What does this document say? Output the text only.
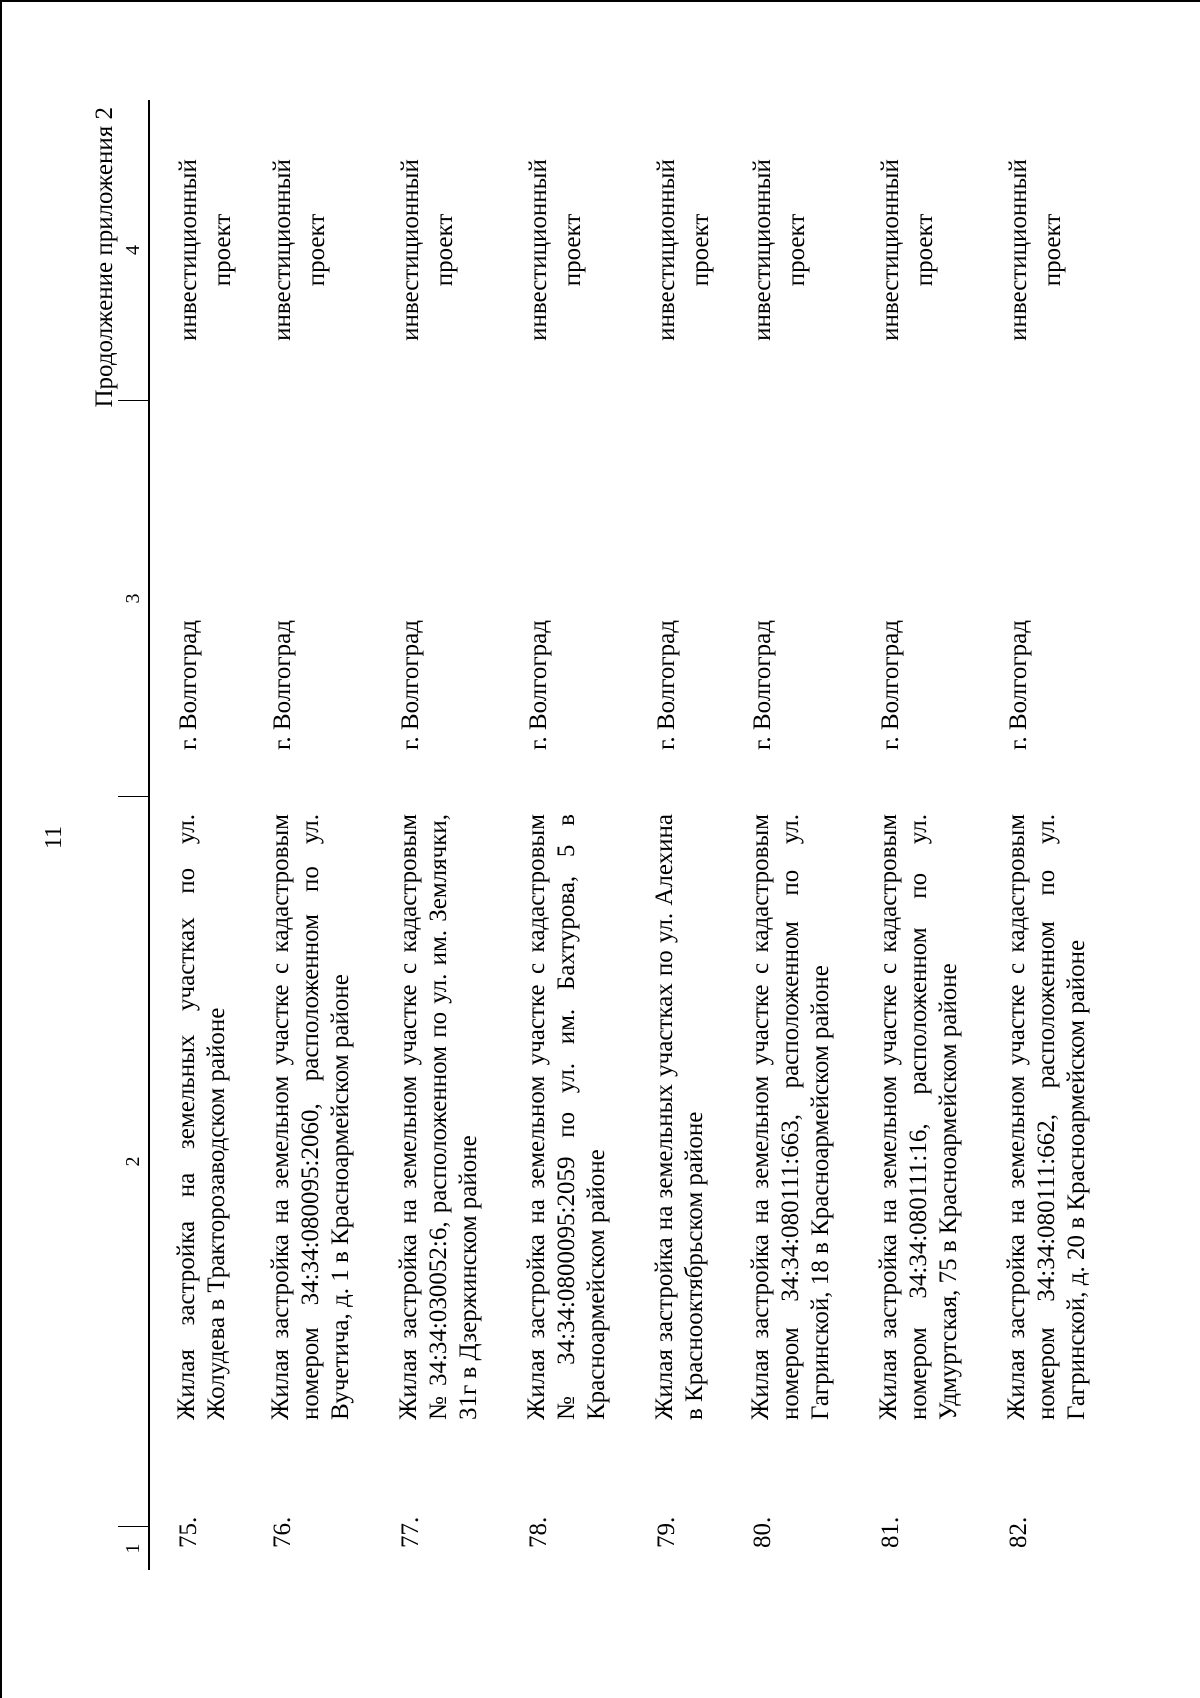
11
Продолжение приложения 2
1
2
3
4
75.
Жилая застройка на земельных участках по ул. Жолудева в Тракторозаводском районе
г. Волгоград
инвестиционный проект
76.
Жилая застройка на земельном участке с кадастровым номером 34:34:080095:2060, расположенном по ул. Вучетича, д. 1 в Красноармейском районе
г. Волгоград
инвестиционный проект
77.
Жилая застройка на земельном участке с кадастровым № 34:34:030052:6, расположенном по ул. им. Землячки, 31г в Дзержинском районе
г. Волгоград
инвестиционный проект
78.
Жилая застройка на земельном участке с кадастровым № 34:34:0800095:2059 по ул. им. Бахтурова, 5 в Красноармейском районе
г. Волгоград
инвестиционный проект
79.
Жилая застройка на земельных участках по ул. Алехина в Краснооктябрьском районе
г. Волгоград
инвестиционный проект
80.
Жилая застройка на земельном участке с кадастровым номером 34:34:080111:663, расположенном по ул. Гагринской, 18 в Красноармейском районе
г. Волгоград
инвестиционный проект
81.
Жилая застройка на земельном участке с кадастровым номером 34:34:080111:16, расположенном по ул. Удмуртская, 75 в Красноармейском районе
г. Волгоград
инвестиционный проект
82.
Жилая застройка на земельном участке с кадастровым номером 34:34:080111:662, расположенном по ул. Гагринской, д. 20 в Красноармейском районе
г. Волгоград
инвестиционный проект
